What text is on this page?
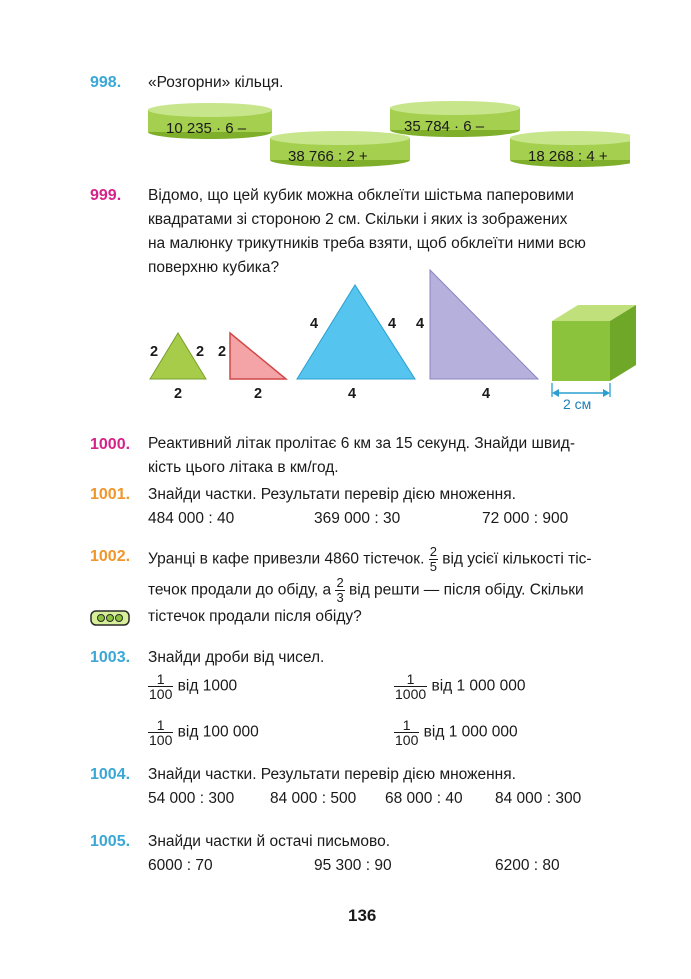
998. «Розгорни» кільця.
10 235 · 6 –
38 766 : 2 +
35 784 · 6 –
18 268 : 4 +
999. Відомо, що цей кубик можна обклеїти шістьма паперовими
квадратами зі стороною 2 см. Скільки і яких із зображених
на малюнку трикутників треба взяти, щоб обклеїти ними всю
поверхню кубика?
2	2
2
2
2
4	4
4
4
4
2 см
1000. Реактивний літак пролітає 6 км за 15 секунд. Знайди швид-
кість цього літака в км/год.
1001. Знайди частки. Результати перевір дією множення.
484 000 : 40	369 000 : 30	72 000 : 900
1002. Уранці в кафе привезли 4860 тістечок. $\frac{2}{5}$ від усієї кількості тіс-
течок продали до обіду, а $\frac{2}{3}$ від решти — після обіду. Скільки
тістечок продали після обіду?
1003. Знайди дроби від чисел.
$\frac{1}{100}$ від 1000	$\frac{1}{1000}$ від 1 000 000
$\frac{1}{100}$ від 100 000	$\frac{1}{100}$ від 1 000 000
1004. Знайди частки. Результати перевір дією множення.
54 000 : 300 84 000 : 500 68 000 : 40 84 000 : 300
1005. Знайди частки й остачі письмово.
6000 : 70	95 300 : 90	6200 : 80
136
